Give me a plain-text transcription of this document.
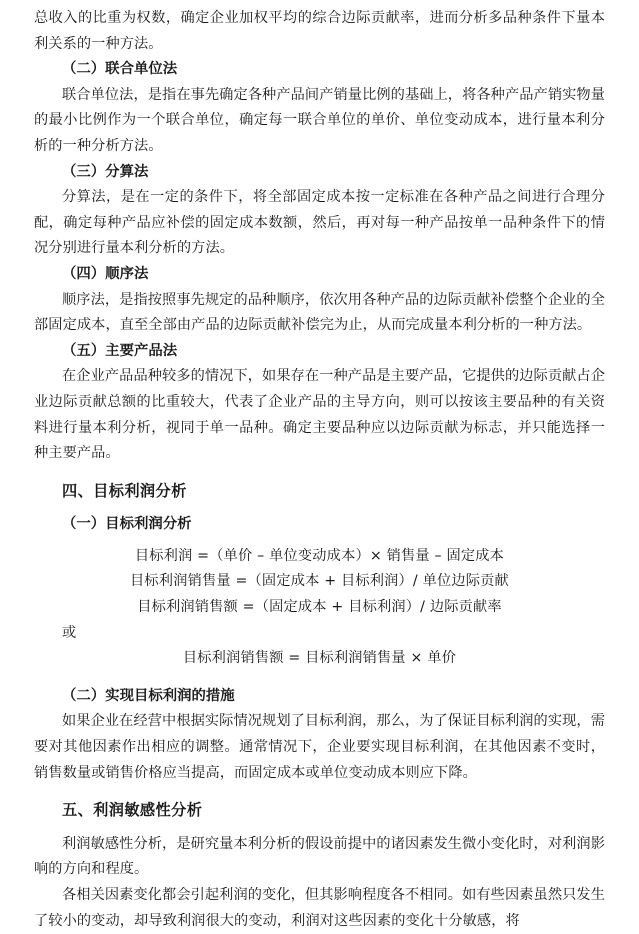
总收入的比重为权数，确定企业加权平均的综合边际贡献率，进而分析多品种条件下量本利关系的一种方法。

（二）联合单位法

联合单位法，是指在事先确定各种产品间产销量比例的基础上，将各种产品产销实物量的最小比例作为一个联合单位，确定每一联合单位的单价、单位变动成本，进行量本利分析的一种分析方法。

（三）分算法

分算法，是在一定的条件下，将全部固定成本按一定标准在各种产品之间进行合理分配，确定每种产品应补偿的固定成本数额，然后，再对每一种产品按单一品种条件下的情况分别进行量本利分析的方法。

（四）顺序法

顺序法，是指按照事先规定的品种顺序，依次用各种产品的边际贡献补偿整个企业的全部固定成本，直至全部由产品的边际贡献补偿完为止，从而完成量本利分析的一种方法。

（五）主要产品法

在企业产品品种较多的情况下，如果存在一种产品是主要产品，它提供的边际贡献占企业边际贡献总额的比重较大，代表了企业产品的主导方向，则可以按该主要品种的有关资料进行量本利分析，视同于单一品种。确定主要品种应以边际贡献为标志，并只能选择一种主要产品。

四、目标利润分析

（一）目标利润分析

目标利润 =（单价 – 单位变动成本）× 销售量 – 固定成本

目标利润销售量 =（固定成本 + 目标利润）/ 单位边际贡献

目标利润销售额 =（固定成本 + 目标利润）/ 边际贡献率

或

目标利润销售额 = 目标利润销售量 × 单价

（二）实现目标利润的措施

如果企业在经营中根据实际情况规划了目标利润，那么，为了保证目标利润的实现，需要对其他因素作出相应的调整。通常情况下，企业要实现目标利润，在其他因素不变时，销售数量或销售价格应当提高，而固定成本或单位变动成本则应下降。

五、利润敏感性分析

利润敏感性分析，是研究量本利分析的假设前提中的诸因素发生微小变化时，对利润影响的方向和程度。

各相关因素变化都会引起利润的变化，但其影响程度各不相同。如有些因素虽然只发生了较小的变动，却导致利润很大的变动，利润对这些因素的变化十分敏感，将
